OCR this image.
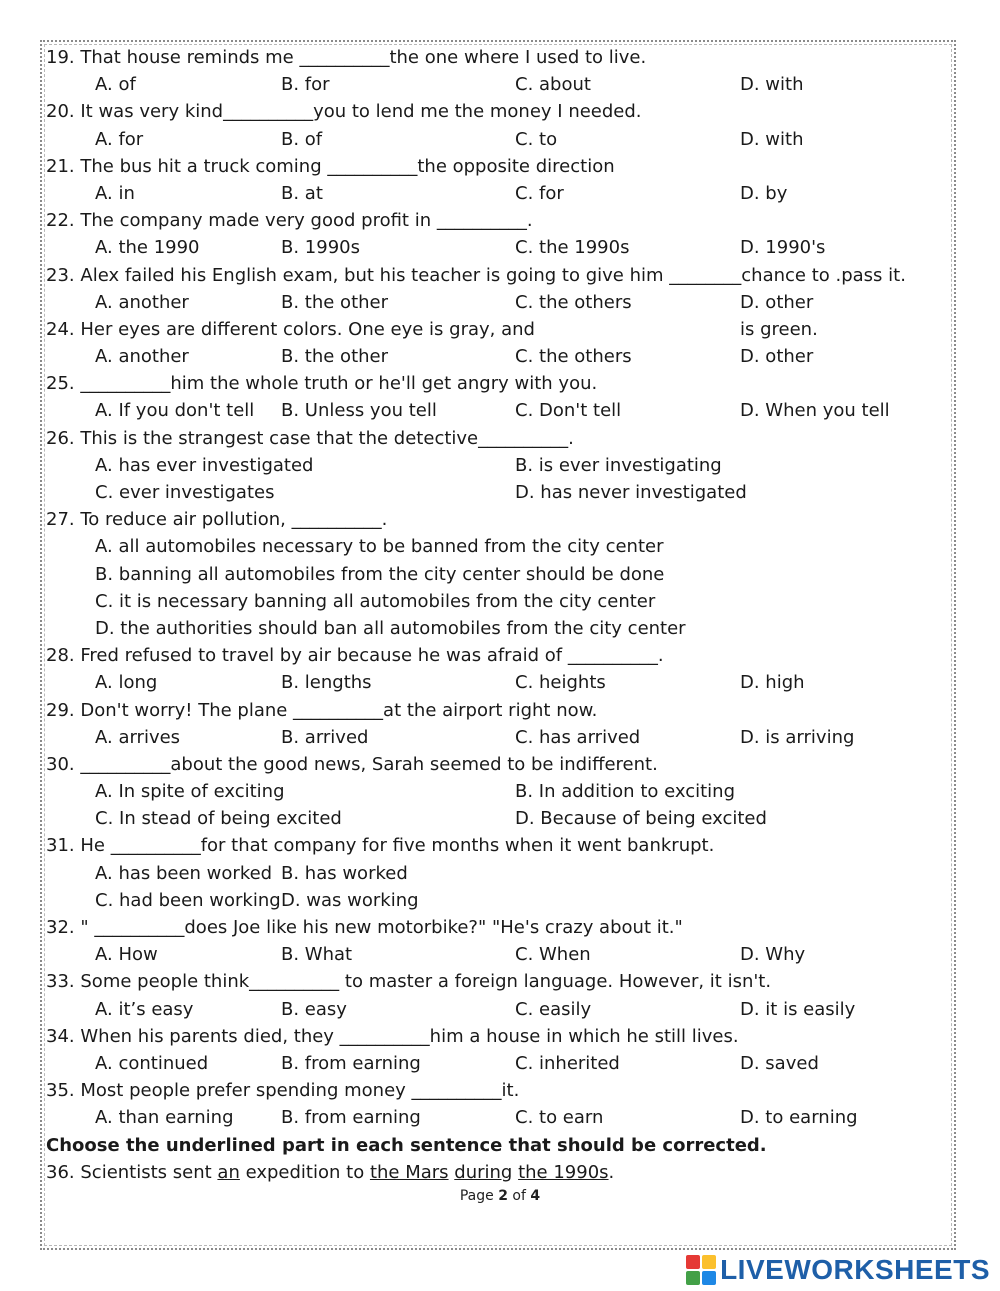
19. That house reminds me __________the one where I used to live.
A. of	B. for	C. about	D. with
20. It was very kind__________you to lend me the money I needed.
A. for	B. of	C. to	D. with
21. The bus hit a truck coming __________the opposite direction
A. in	B. at	C. for	D. by
22. The company made very good profit in __________.
A. the 1990	B. 1990s	C. the 1990s	D. 1990's
23. Alex failed his English exam, but his teacher is going to give him ________chance to .pass it.
A. another	B. the other	C. the others	D. other
24. Her eyes are different colors. One eye is gray, and	is green.
A. another	B. the other	C. the others	D. other
25. __________him the whole truth or he'll get angry with you.
A. If you don't tell B. Unless you tell	C. Don't tell	D. When you tell
26. This is the strangest case that the detective__________.
A. has ever investigated	B. is ever investigating
C. ever investigates	D. has never investigated
27. To reduce air pollution, __________.
A. all automobiles necessary to be banned from the city center
B. banning all automobiles from the city center should be done
C. it is necessary banning all automobiles from the city center
D. the authorities should ban all automobiles from the city center
28. Fred refused to travel by air because he was afraid of __________.
A. long	B. lengths	C. heights	D. high
29. Don't worry! The plane __________at the airport right now.
A. arrives	B. arrived	C. has arrived	D. is arriving
30. __________about the good news, Sarah seemed to be indifferent.
A. In spite of exciting	B. In addition to exciting
C. In stead of being excited	D. Because of being excited
31. He __________for that company for five months when it went bankrupt.
A. has been worked B. has worked
C. had been working D. was working
32. " __________does Joe like his new motorbike?" "He's crazy about it."
A. How	B. What	C. When	D. Why
33. Some people think__________ to master a foreign language. However, it isn't.
A. it’s easy	B. easy	C. easily	D. it is easily
34. When his parents died, they __________him a house in which he still lives.
A. continued	B. from earning	C. inherited	D. saved
35. Most people prefer spending money __________it.
A. than earning	B. from earning	C. to earn	D. to earning
Choose the underlined part in each sentence that should be corrected.
36. Scientists sent an expedition to the Mars during the 1990s.
Page 2 of 4
LIVEWORKSHEETS
